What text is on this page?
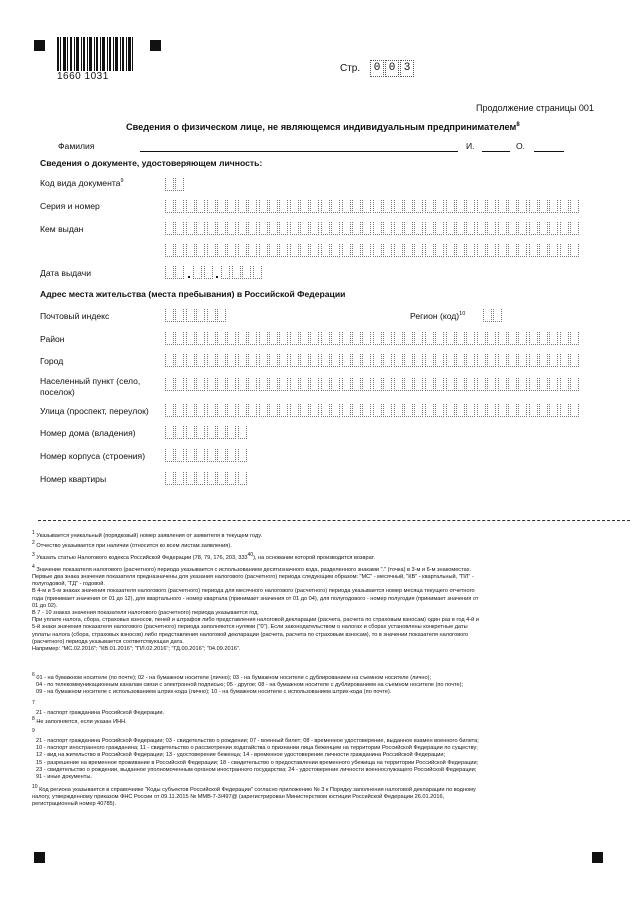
1660 1031
Стр.	0 0 3
Продолжение страницы 001
Сведения о физическом лице, не являющемся индивидуальным предпринимателем$^8$
Фамилия	И.	О.
Сведения о документе, удостоверяющем личность:
Код вида документа$^9$
Серия и номер
Кем выдан
Дата выдачи
Адрес места жительства (места пребывания) в Российской Федерации
Почтовый индекс	Регион (код)$^{10}$
Район
Город
Населенный пункт (село,
поселок)
Улица (проспект, переулок)
Номер дома (владения)
Номер корпуса (строения)
Номер квартиры
$^1$ Указывается уникальный (порядковый) номер заявления от заявителя в текущем году.
$^2$ Отчество указывается при наличии (относится ко всем листам заявления).
$^3$ Указать статью Налогового кодекса Российской Федерации (78, 79, 176, 203, $333^{40}$), на основании которой производится возврат.
$^4$ Значение показателя налогового (расчетного) периода указывается с использованием десятизначного кода, разделенного знаками "." (точка) в 3-м и 6-м знакоместах.
Первые два знака значения показателя предназначены для указания налогового (расчетного) периода следующим образом: "МС" - месячный, "КВ" - квартальный, "ПЛ" -
полугодовой, "ГД" - годовой.
В 4-м и 5-м знаках значения показателя налогового (расчетного) периода для месячного налогового (расчетного) периода указывается номер месяца текущего отчетного
года (принимает значения от 01 до 12), для квартального - номер квартала (принимает значения от 01 до 04), для полугодового - номер полугодия (принимает значения от
01 до 02).
В 7 - 10 знаках значения показателя налогового (расчетного) периода указывается год.
При уплате налога, сбора, страховых взносов, пеней и штрафов либо представления налоговой декларации (расчета, расчета по страховым взносам) один раз в год 4-й и
5-й знаки значения показателя налогового (расчетного) периода заполняются нулями ("0"). Если законодательством о налогах и сборах установлены конкретные даты
уплаты налога (сбора, страховых взносов) либо представления налоговой декларации (расчета, расчета по страховым взносам), то в значении показателя налогового
(расчетного) периода указывается соответствующая дата.
Например: "МС.02.2016"; "КВ.01.2016"; "ПЛ.02.2016"; "ГД.00.2016"; "04.09.2016".
$^6$ 01 - на бумажном носителе (по почте); 02 - на бумажном носителе (лично); 03 - на бумажном носителе с дублированием на съемном носителе (лично);
04 - по телекоммуникационным каналам связи с электронной подписью; 05 - другое; 08 - на бумажном носителе с дублированием на съемном носителе (по почте);
09 - на бумажном носителе с использованием штрих-кода (лично); 10 - на бумажном носителе с использованием штрих-кода (по почте).
$^7$
21 - паспорт гражданина Российской Федерации.
$^8$ Не заполняется, если указан ИНН.
$^9$
21 - паспорт гражданина Российской Федерации; 03 - свидетельство о рождении; 07 - военный билет; 08 - временное удостоверение, выданное взамен военного билета;
10 - паспорт иностранного гражданина; 11 - свидетельство о рассмотрении ходатайства о признании лица беженцем на территории Российской Федерации по существу;
12 - вид на жительство в Российской Федерации; 13 - удостоверение беженца; 14 - временное удостоверение личности гражданина Российской Федерации;
15 - разрешение на временное проживание в Российской Федерации; 18 - свидетельство о предоставлении временного убежища на территории Российской Федерации;
23 - свидетельство о рождении, выданное уполномоченным органом иностранного государства; 24 - удостоверение личности военнослужащего Российской Федерации;
91 - иные документы.
$^{10}$ Код региона указывается в справочнике "Коды субъектов Российской Федерации" согласно приложению № 3 к Порядку заполнения налоговой декларации по водному
налогу, утвержденному приказом ФНС России от 09.11.2015 № ММВ-7-3/497@ (зарегистрирован Министерством юстиции Российской Федерации 26.01.2016,
регистрационный номер 40785).
